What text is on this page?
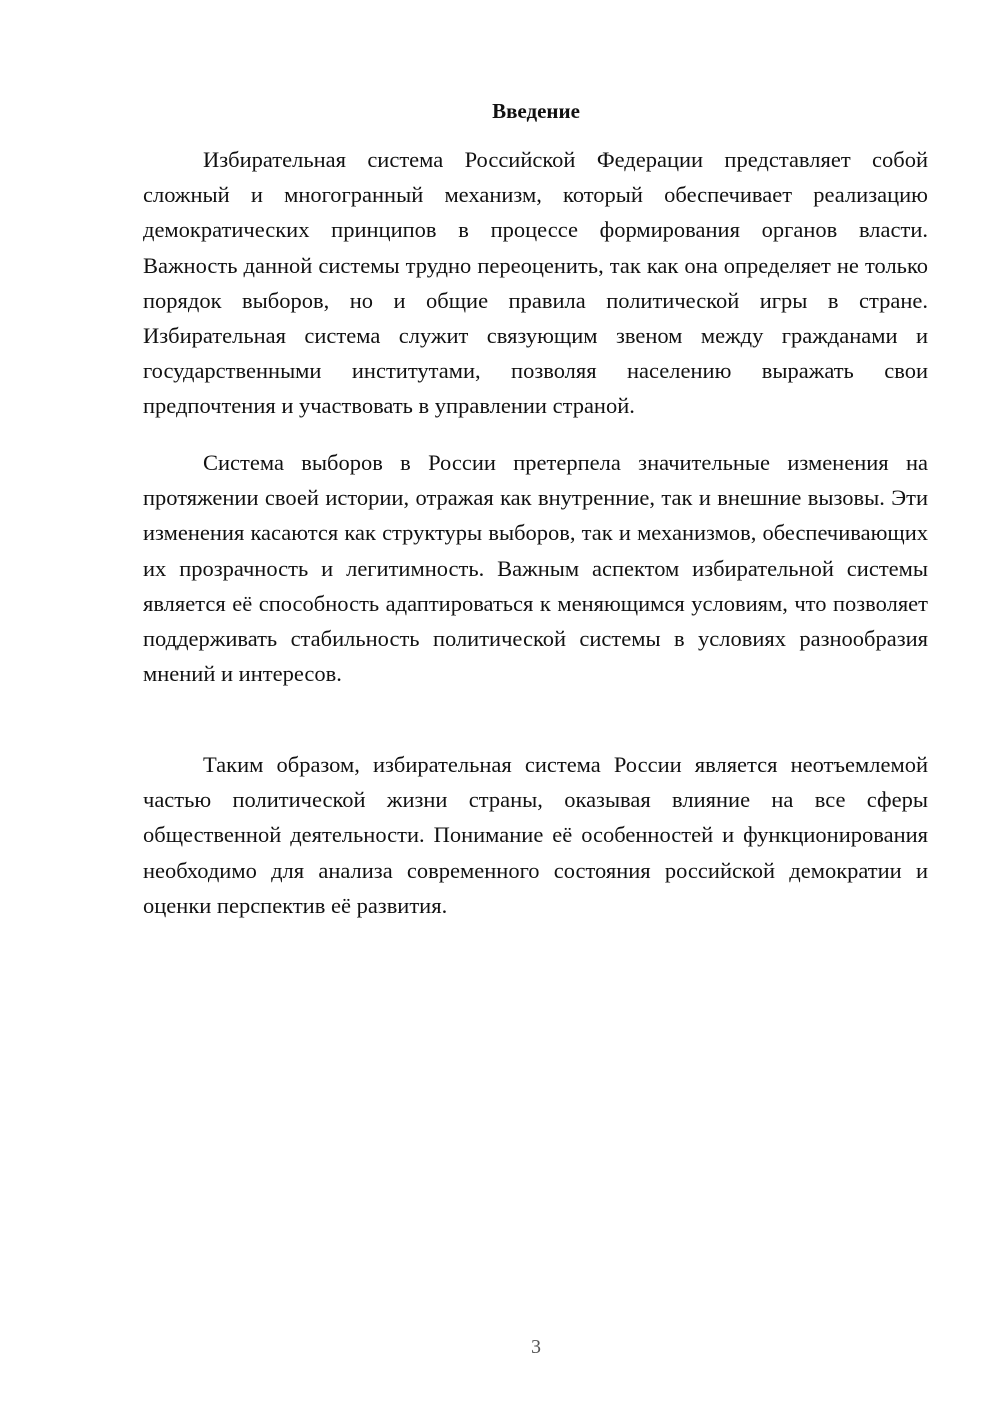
Введение

Избирательная система Российской Федерации представляет собой сложный и многогранный механизм, который обеспечивает реализацию демократических принципов в процессе формирования органов власти. Важность данной системы трудно переоценить, так как она определяет не только порядок выборов, но и общие правила политической игры в стране. Избирательная система служит связующим звеном между гражданами и государственными институтами, позволяя населению выражать свои предпочтения и участвовать в управлении страной.

Система выборов в России претерпела значительные изменения на протяжении своей истории, отражая как внутренние, так и внешние вызовы. Эти изменения касаются как структуры выборов, так и механизмов, обеспечивающих их прозрачность и легитимность. Важным аспектом избирательной системы является её способность адаптироваться к меняющимся условиям, что позволяет поддерживать стабильность политической системы в условиях разнообразия мнений и интересов.

Таким образом, избирательная система России является неотъемлемой частью политической жизни страны, оказывая влияние на все сферы общественной деятельности. Понимание её особенностей и функционирования необходимо для анализа современного состояния российской демократии и оценки перспектив её развития.

3
